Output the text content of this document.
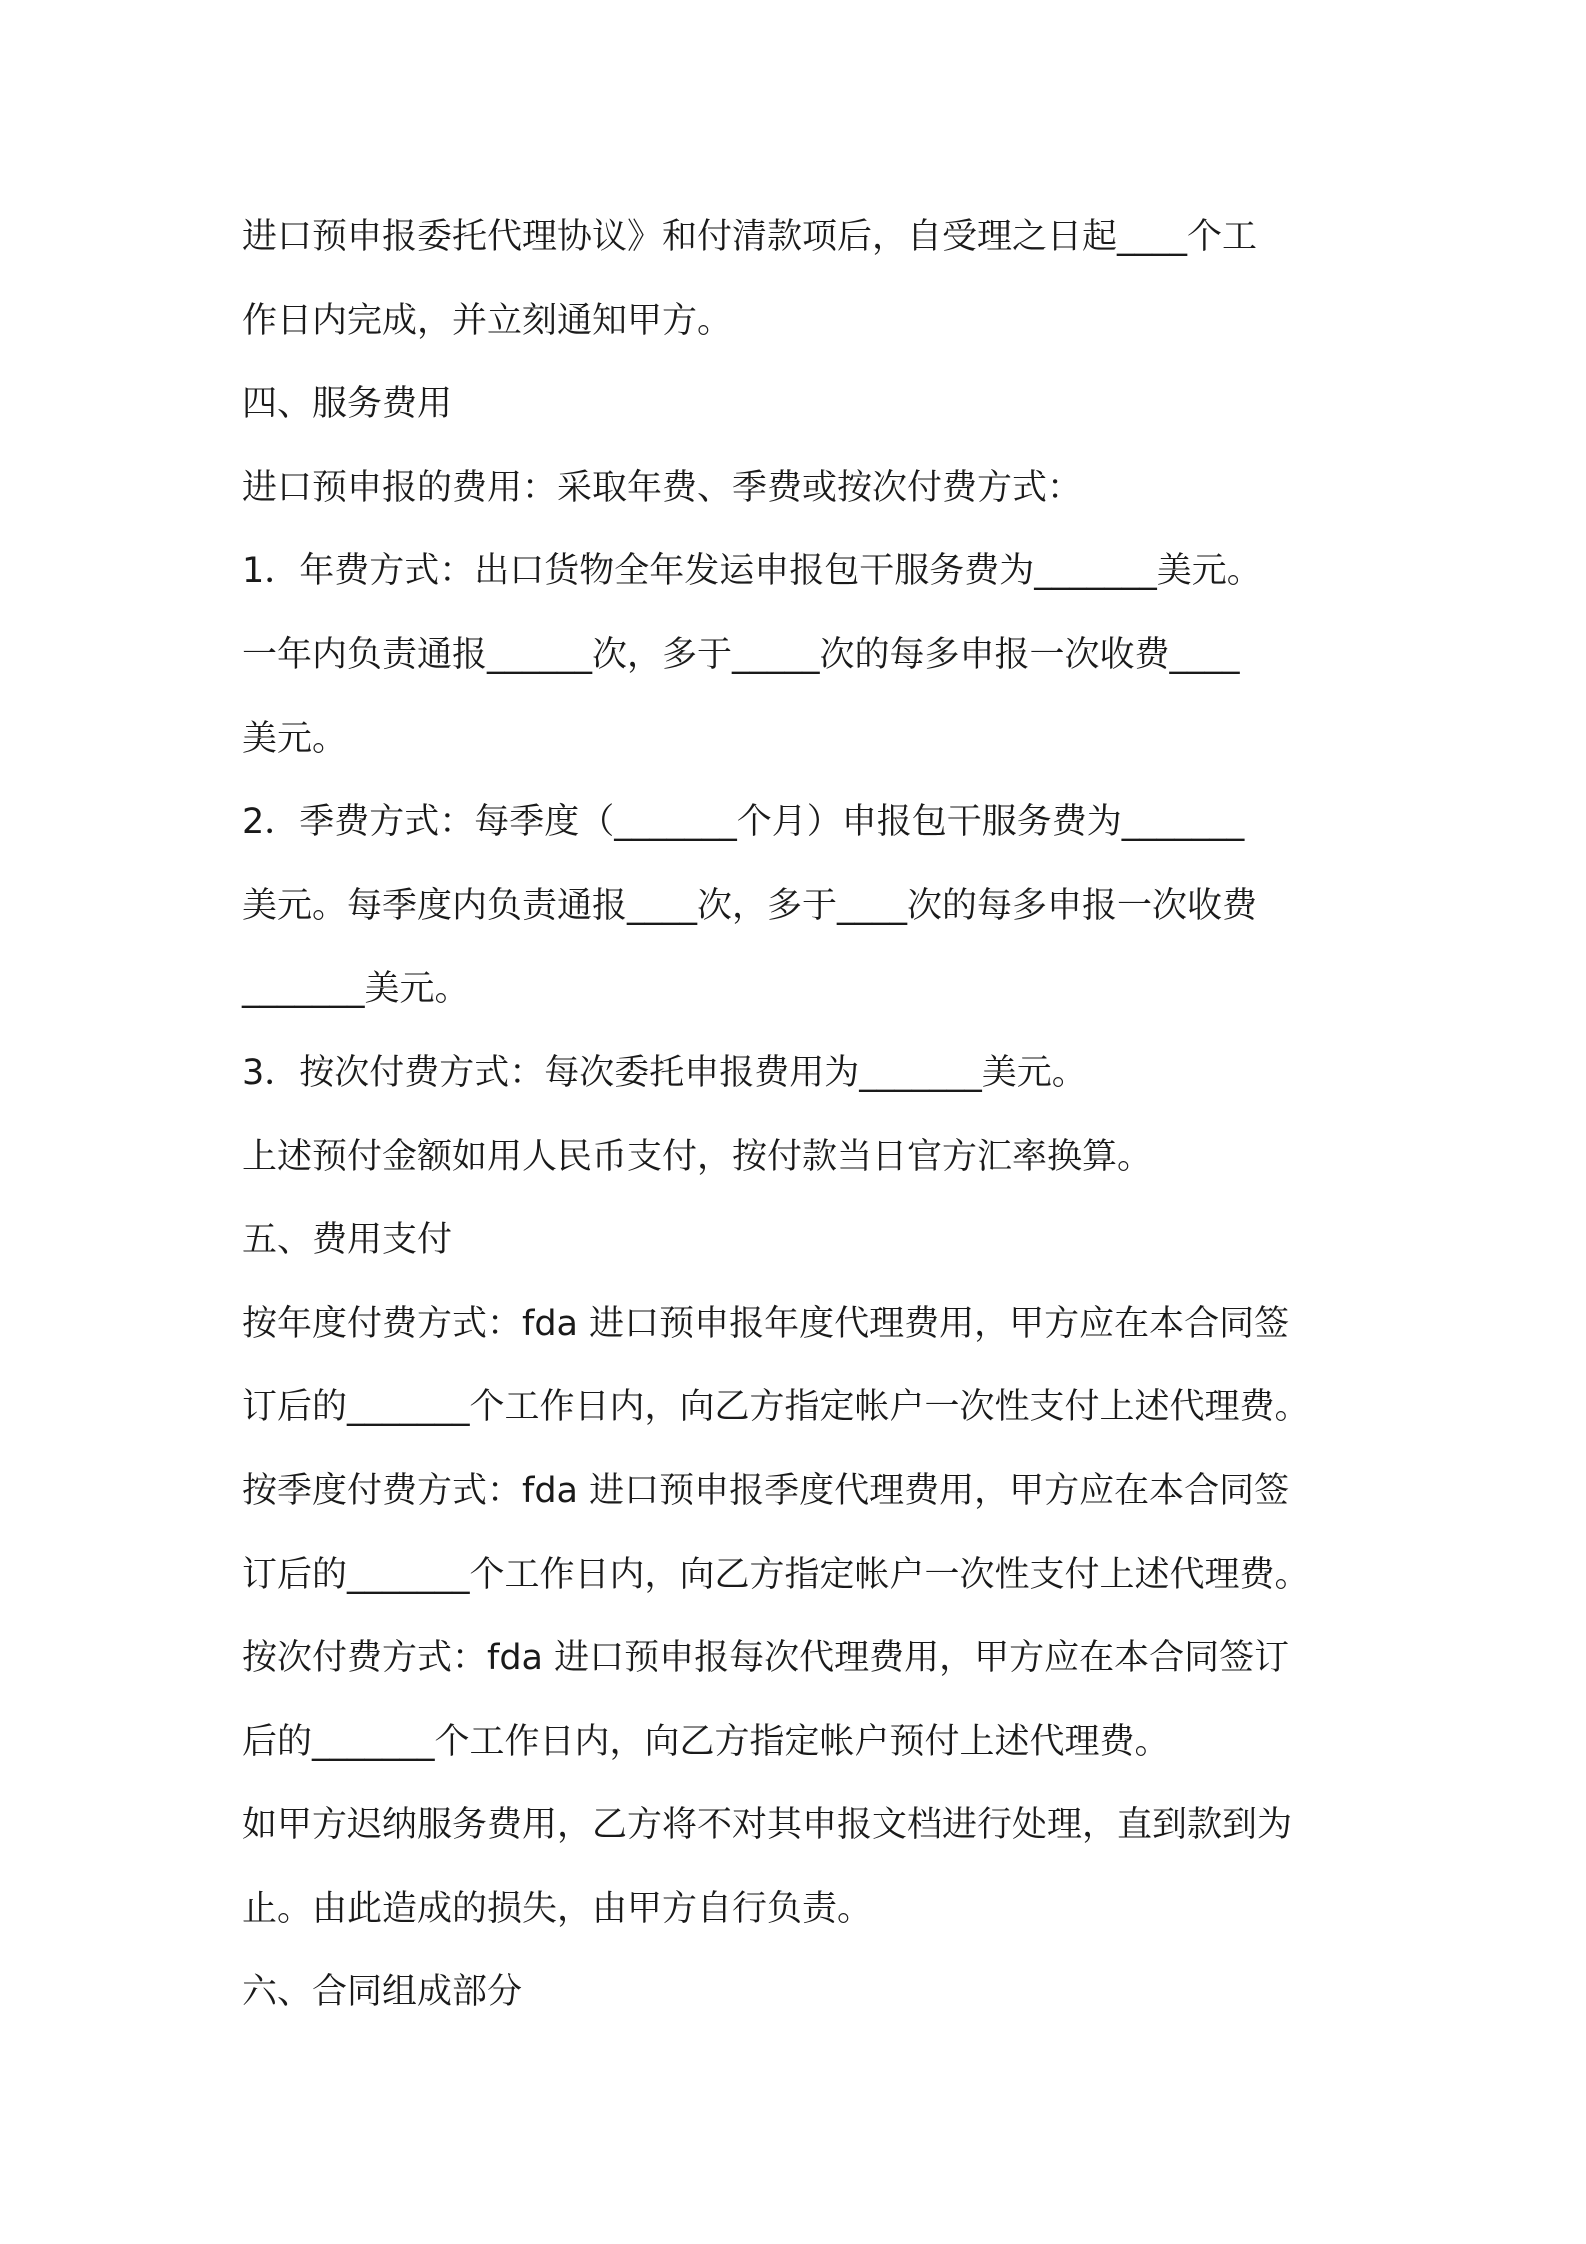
进口预申报委托代理协议》和付清款项后，自受理之日起____个工
作日内完成，并立刻通知甲方。
四、服务费用
进口预申报的费用：采取年费、季费或按次付费方式：
1．年费方式：出口货物全年发运申报包干服务费为_______美元。
一年内负责通报______次，多于_____次的每多申报一次收费____
美元。
2．季费方式：每季度（_______个月）申报包干服务费为_______
美元。每季度内负责通报____次，多于____次的每多申报一次收费
_______美元。
3．按次付费方式：每次委托申报费用为_______美元。
上述预付金额如用人民币支付，按付款当日官方汇率换算。
五、费用支付
按年度付费方式：fda 进口预申报年度代理费用，甲方应在本合同签
订后的_______个工作日内，向乙方指定帐户一次性支付上述代理费。
按季度付费方式：fda 进口预申报季度代理费用，甲方应在本合同签
订后的_______个工作日内，向乙方指定帐户一次性支付上述代理费。
按次付费方式：fda 进口预申报每次代理费用，甲方应在本合同签订
后的_______个工作日内，向乙方指定帐户预付上述代理费。
如甲方迟纳服务费用，乙方将不对其申报文档进行处理，直到款到为
止。由此造成的损失，由甲方自行负责。
六、合同组成部分
